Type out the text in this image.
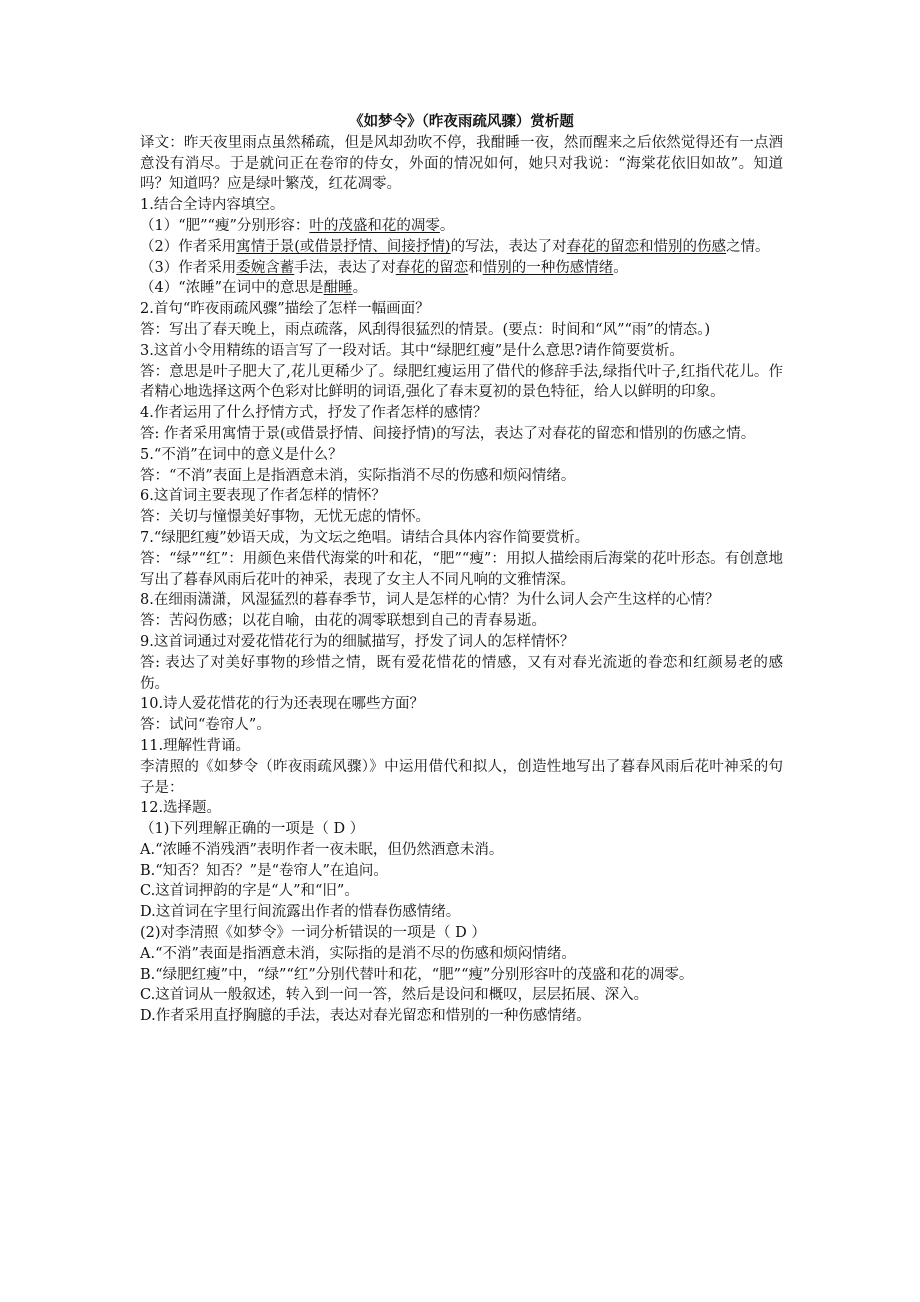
《如梦令》（昨夜雨疏风骤）赏析题

译文：昨天夜里雨点虽然稀疏，但是风却劲吹不停，我酣睡一夜，然而醒来之后依然觉得还有一点酒意没有消尽。于是就问正在卷帘的侍女，外面的情况如何，她只对我说：“海棠花依旧如故”。知道吗？知道吗？应是绿叶繁茂，红花凋零。

1.结合全诗内容填空。

（1）“肥”“瘦”分别形容：叶的茂盛和花的凋零。

（2）作者采用寓情于景(或借景抒情、间接抒情)的写法，表达了对春花的留恋和惜别的伤感之情。

（3）作者采用委婉含蓄手法，表达了对春花的留恋和惜别的一种伤感情绪。

（4）“浓睡”在词中的意思是酣睡。

2.首句“昨夜雨疏风骤”描绘了怎样一幅画面？

答：写出了春天晚上，雨点疏落，风刮得很猛烈的情景。(要点：时间和“风”“雨”的情态。)

3.这首小令用精练的语言写了一段对话。其中“绿肥红瘦”是什么意思?请作简要赏析。

答：意思是叶子肥大了,花儿更稀少了。绿肥红瘦运用了借代的修辞手法,绿指代叶子,红指代花儿。作者精心地选择这两个色彩对比鲜明的词语,强化了春末夏初的景色特征，给人以鲜明的印象。

4.作者运用了什么抒情方式，抒发了作者怎样的感情？

答: 作者采用寓情于景(或借景抒情、间接抒情)的写法，表达了对春花的留恋和惜别的伤感之情。

5.“不消”在词中的意义是什么？

答：“不消”表面上是指酒意未消，实际指消不尽的伤感和烦闷情绪。

6.这首词主要表现了作者怎样的情怀？

答：关切与憧憬美好事物，无忧无虑的情怀。

7.“绿肥红瘦”妙语天成，为文坛之绝唱。请结合具体内容作简要赏析。

答：“绿”“红”：用颜色来借代海棠的叶和花，“肥”“瘦”：用拟人描绘雨后海棠的花叶形态。有创意地写出了暮春风雨后花叶的神采，表现了女主人不同凡响的文雅情深。

8.在细雨潇潇，风湿猛烈的暮春季节，词人是怎样的心情？为什么词人会产生这样的心情？

答：苦闷伤感；以花自喻，由花的凋零联想到自己的青春易逝。

9.这首词通过对爱花惜花行为的细腻描写，抒发了词人的怎样情怀？

答: 表达了对美好事物的珍惜之情，既有爱花惜花的情感，又有对春光流逝的眷恋和红颜易老的感伤。

10.诗人爱花惜花的行为还表现在哪些方面？

答：试问“卷帘人”。

11.理解性背诵。

李清照的《如梦令（昨夜雨疏风骤）》中运用借代和拟人，创造性地写出了暮春风雨后花叶神采的句子是：

12.选择题。

（1)下列理解正确的一项是（ D ）

A.“浓睡不消残酒”表明作者一夜未眠，但仍然酒意未消。

B.“知否？知否？”是“卷帘人”在追问。

C.这首词押韵的字是“人”和“旧”。

D.这首词在字里行间流露出作者的惜春伤感情绪。

(2)对李清照《如梦令》一词分析错误的一项是（ D ）

A.“不消”表面是指酒意未消，实际指的是消不尽的伤感和烦闷情绪。

B.“绿肥红瘦”中，“绿”“红”分别代替叶和花，“肥”“瘦”分别形容叶的茂盛和花的凋零。

C.这首词从一般叙述，转入到一问一答，然后是设问和概叹，层层拓展、深入。

D.作者采用直抒胸臆的手法，表达对春光留恋和惜别的一种伤感情绪。
